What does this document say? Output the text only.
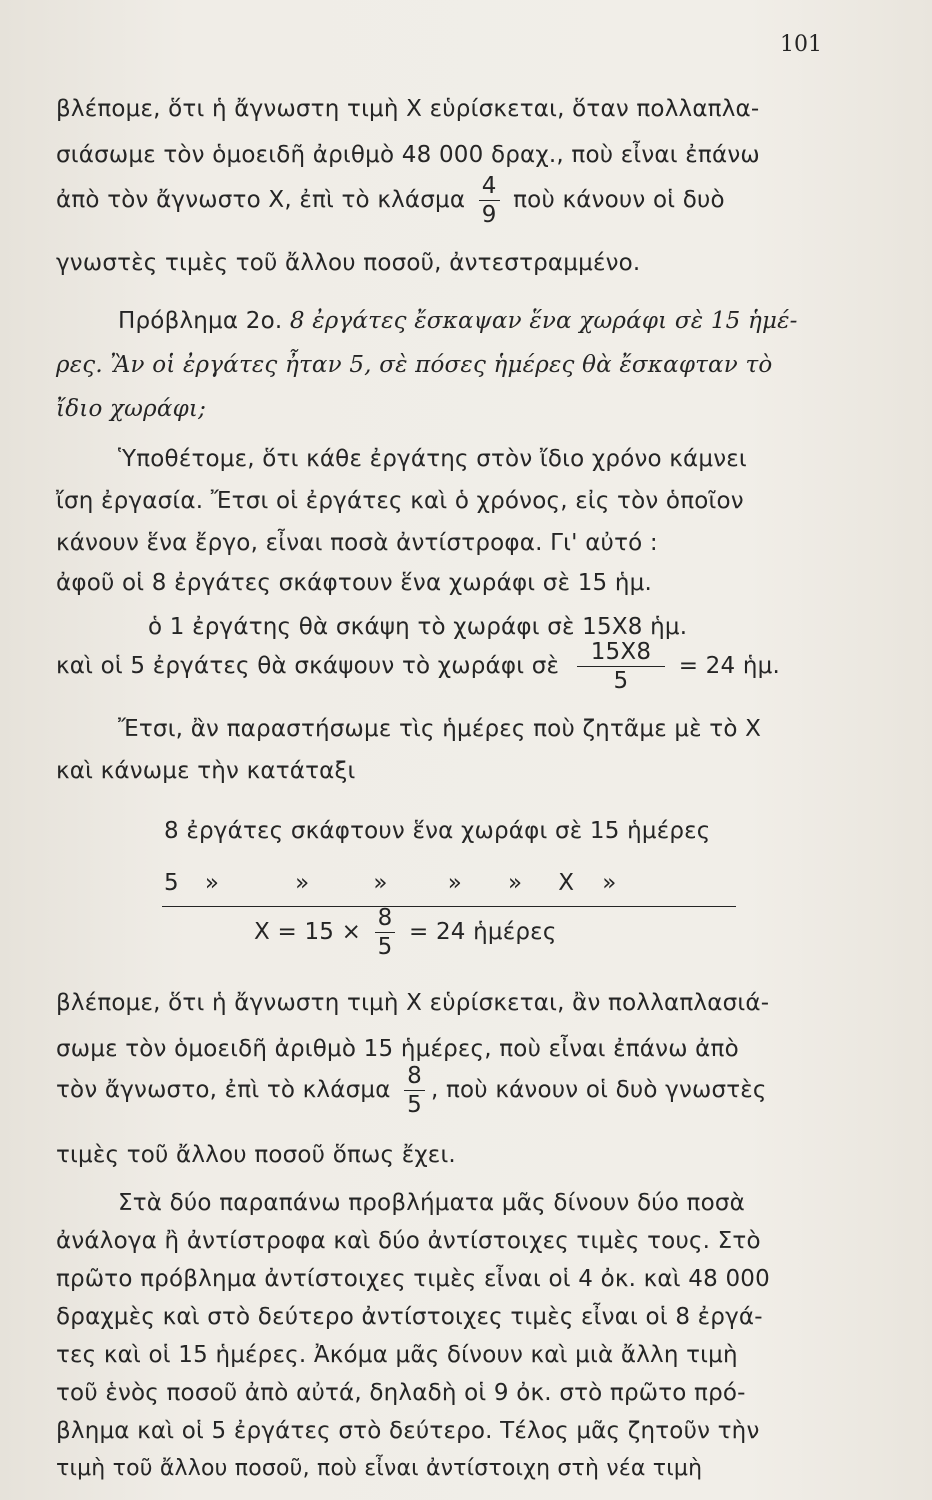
101
βλέπομε, ὅτι ἡ ἄγνωστη τιμὴ Χ εὑρίσκεται, ὅταν πολλαπλα-
σιάσωμε τὸν ὁμοειδῆ ἀριθμὸ 48 000 δραχ., ποὺ εἶναι ἐπάνω
ἀπὸ τὸν ἄγνωστο Χ, ἐπὶ τὸ κλάσμα $\frac{4}{9}$ ποὺ κάνουν οἱ δυὸ
γνωστὲς τιμὲς τοῦ ἄλλου ποσοῦ, ἀντεστραμμένο.
Πρόβλημα 2ο. 8 ἐργάτες ἔσκαψαν ἕνα χωράφι σὲ 15 ἡμέ-
ρες. Ἂν οἱ ἐργάτες ἦταν 5, σὲ πόσες ἡμέρες θὰ ἔσκαφταν τὸ
ἴδιο χωράφι;
Ὑποθέτομε, ὅτι κάθε ἐργάτης στὸν ἴδιο χρόνο κάμνει
ἴση ἐργασία. Ἔτσι οἱ ἐργάτες καὶ ὁ χρόνος, εἰς τὸν ὁποῖον
κάνουν ἕνα ἔργο, εἶναι ποσὰ ἀντίστροφα. Γι' αὐτό :
ἀφοῦ οἱ 8 ἐργάτες σκάφτουν ἕνα χωράφι σὲ 15 ἡμ.
ὁ 1 ἐργάτης θὰ σκάψη τὸ χωράφι σὲ 15Χ8 ἡμ.
καὶ οἱ 5 ἐργάτες θὰ σκάψουν τὸ χωράφι σὲ $\frac{15X8}{5} = 24$ ἡμ.
Ἔτσι, ἂν παραστήσωμε τὶς ἡμέρες ποὺ ζητᾶμε μὲ τὸ Χ
καὶ κάνωμε τὴν κατάταξι
8 ἐργάτες σκάφτουν ἕνα χωράφι σὲ 15 ἡμέρες
5 »	»	»	» » Χ »
$X = 15 \times \frac{8}{5} = 24$ ἡμέρες
βλέπομε, ὅτι ἡ ἄγνωστη τιμὴ Χ εὑρίσκεται, ἂν πολλαπλασιά-
σωμε τὸν ὁμοειδῆ ἀριθμὸ 15 ἡμέρες, ποὺ εἶναι ἐπάνω ἀπὸ
τὸν ἄγνωστο, ἐπὶ τὸ κλάσμα $\frac{8}{5}$ , ποὺ κάνουν οἱ δυὸ γνωστὲς
τιμὲς τοῦ ἄλλου ποσοῦ ὅπως ἔχει.
Στὰ δύο παραπάνω προβλήματα μᾶς δίνουν δύο ποσὰ
ἀνάλογα ἢ ἀντίστροφα καὶ δύο ἀντίστοιχες τιμὲς τους. Στὸ
πρῶτο πρόβλημα ἀντίστοιχες τιμὲς εἶναι οἱ 4 ὀκ. καὶ 48 000
δραχμὲς καὶ στὸ δεύτερο ἀντίστοιχες τιμὲς εἶναι οἱ 8 ἐργά-
τες καὶ οἱ 15 ἡμέρες. Ἀκόμα μᾶς δίνουν καὶ μιὰ ἄλλη τιμὴ
τοῦ ἑνὸς ποσοῦ ἀπὸ αὐτά, δηλαδὴ οἱ 9 ὀκ. στὸ πρῶτο πρό-
βλημα καὶ οἱ 5 ἐργάτες στὸ δεύτερο. Τέλος μᾶς ζητοῦν τὴν
τιμὴ τοῦ ἄλλου ποσοῦ, ποὺ εἶναι ἀντίστοιχη στὴ νέα τιμὴ
